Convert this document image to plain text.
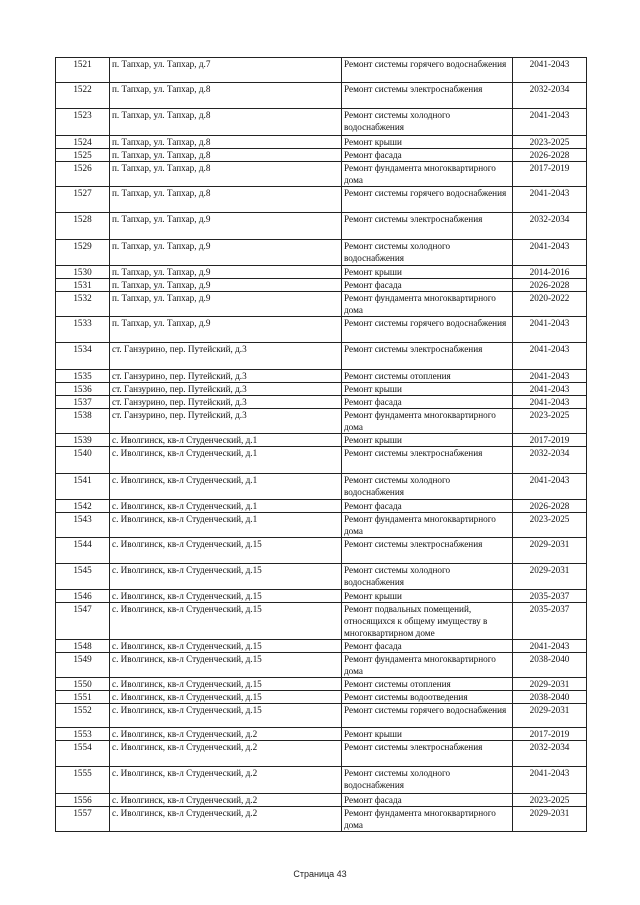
1521	п. Тапхар, ул. Тапхар, д.7	Ремонт системы горячего водоснабжения	2041-2043
1522	п. Тапхар, ул. Тапхар, д.8	Ремонт системы электроснабжения	2032-2034
1523	п. Тапхар, ул. Тапхар, д.8	Ремонт системы холодного водоснабжения	2041-2043
1524	п. Тапхар, ул. Тапхар, д.8	Ремонт крыши	2023-2025
1525	п. Тапхар, ул. Тапхар, д.8	Ремонт фасада	2026-2028
1526	п. Тапхар, ул. Тапхар, д.8	Ремонт фундамента многоквартирного дома	2017-2019
1527	п. Тапхар, ул. Тапхар, д.8	Ремонт системы горячего водоснабжения	2041-2043
1528	п. Тапхар, ул. Тапхар, д.9	Ремонт системы электроснабжения	2032-2034
1529	п. Тапхар, ул. Тапхар, д.9	Ремонт системы холодного водоснабжения	2041-2043
1530	п. Тапхар, ул. Тапхар, д.9	Ремонт крыши	2014-2016
1531	п. Тапхар, ул. Тапхар, д.9	Ремонт фасада	2026-2028
1532	п. Тапхар, ул. Тапхар, д.9	Ремонт фундамента многоквартирного дома	2020-2022
1533	п. Тапхар, ул. Тапхар, д.9	Ремонт системы горячего водоснабжения	2041-2043
1534	ст. Ганзурино, пер. Путейский, д.3	Ремонт системы электроснабжения	2041-2043
1535	ст. Ганзурино, пер. Путейский, д.3	Ремонт системы отопления	2041-2043
1536	ст. Ганзурино, пер. Путейский, д.3	Ремонт крыши	2041-2043
1537	ст. Ганзурино, пер. Путейский, д.3	Ремонт фасада	2041-2043
1538	ст. Ганзурино, пер. Путейский, д.3	Ремонт фундамента многоквартирного дома	2023-2025
1539	с. Иволгинск, кв-л Студенческий, д.1	Ремонт крыши	2017-2019
1540	с. Иволгинск, кв-л Студенческий, д.1	Ремонт системы электроснабжения	2032-2034
1541	с. Иволгинск, кв-л Студенческий, д.1	Ремонт системы холодного водоснабжения	2041-2043
1542	с. Иволгинск, кв-л Студенческий, д.1	Ремонт фасада	2026-2028
1543	с. Иволгинск, кв-л Студенческий, д.1	Ремонт фундамента многоквартирного дома	2023-2025
1544	с. Иволгинск, кв-л Студенческий, д.15	Ремонт системы электроснабжения	2029-2031
1545	с. Иволгинск, кв-л Студенческий, д.15	Ремонт системы холодного водоснабжения	2029-2031
1546	с. Иволгинск, кв-л Студенческий, д.15	Ремонт крыши	2035-2037
1547	с. Иволгинск, кв-л Студенческий, д.15	Ремонт подвальных помещений, относящихся к общему имуществу в многоквартирном доме	2035-2037
1548	с. Иволгинск, кв-л Студенческий, д.15	Ремонт фасада	2041-2043
1549	с. Иволгинск, кв-л Студенческий, д.15	Ремонт фундамента многоквартирного дома	2038-2040
1550	с. Иволгинск, кв-л Студенческий, д.15	Ремонт системы отопления	2029-2031
1551	с. Иволгинск, кв-л Студенческий, д.15	Ремонт системы водоотведения	2038-2040
1552	с. Иволгинск, кв-л Студенческий, д.15	Ремонт системы горячего водоснабжения	2029-2031
1553	с. Иволгинск, кв-л Студенческий, д.2	Ремонт крыши	2017-2019
1554	с. Иволгинск, кв-л Студенческий, д.2	Ремонт системы электроснабжения	2032-2034
1555	с. Иволгинск, кв-л Студенческий, д.2	Ремонт системы холодного водоснабжения	2041-2043
1556	с. Иволгинск, кв-л Студенческий, д.2	Ремонт фасада	2023-2025
1557	с. Иволгинск, кв-л Студенческий, д.2	Ремонт фундамента многоквартирного дома	2029-2031
Страница 43
